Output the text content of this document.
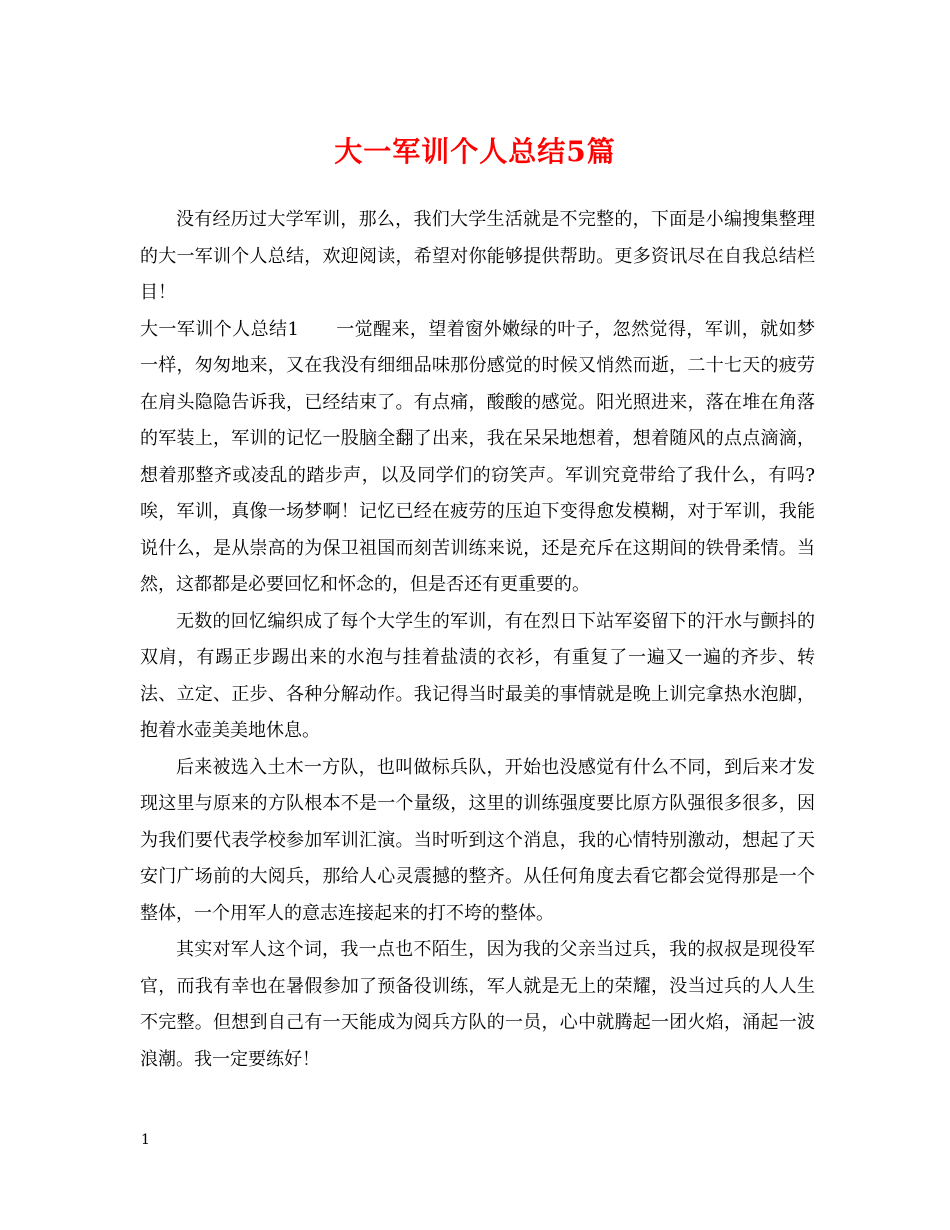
大一军训个人总结5篇

没有经历过大学军训，那么，我们大学生活就是不完整的，下面是小编搜集整理的大一军训个人总结，欢迎阅读，希望对你能够提供帮助。更多资讯尽在自我总结栏目！

大一军训个人总结1　　一觉醒来，望着窗外嫩绿的叶子，忽然觉得，军训，就如梦一样，匆匆地来，又在我没有细细品味那份感觉的时候又悄然而逝，二十七天的疲劳在肩头隐隐告诉我，已经结束了。有点痛，酸酸的感觉。阳光照进来，落在堆在角落的军装上，军训的记忆一股脑全翻了出来，我在呆呆地想着，想着随风的点点滴滴，想着那整齐或凌乱的踏步声，以及同学们的窃笑声。军训究竟带给了我什么，有吗?唉，军训，真像一场梦啊！记忆已经在疲劳的压迫下变得愈发模糊，对于军训，我能说什么，是从崇高的为保卫祖国而刻苦训练来说，还是充斥在这期间的铁骨柔情。当然，这都都是必要回忆和怀念的，但是否还有更重要的。

无数的回忆编织成了每个大学生的军训，有在烈日下站军姿留下的汗水与颤抖的双肩，有踢正步踢出来的水泡与挂着盐渍的衣衫，有重复了一遍又一遍的齐步、转法、立定、正步、各种分解动作。我记得当时最美的事情就是晚上训完拿热水泡脚，抱着水壶美美地休息。

后来被选入土木一方队，也叫做标兵队，开始也没感觉有什么不同，到后来才发现这里与原来的方队根本不是一个量级，这里的训练强度要比原方队强很多很多，因为我们要代表学校参加军训汇演。当时听到这个消息，我的心情特别激动，想起了天安门广场前的大阅兵，那给人心灵震撼的整齐。从任何角度去看它都会觉得那是一个整体，一个用军人的意志连接起来的打不垮的整体。

其实对军人这个词，我一点也不陌生，因为我的父亲当过兵，我的叔叔是现役军官，而我有幸也在暑假参加了预备役训练，军人就是无上的荣耀，没当过兵的人人生不完整。但想到自己有一天能成为阅兵方队的一员，心中就腾起一团火焰，涌起一波浪潮。我一定要练好！

1
